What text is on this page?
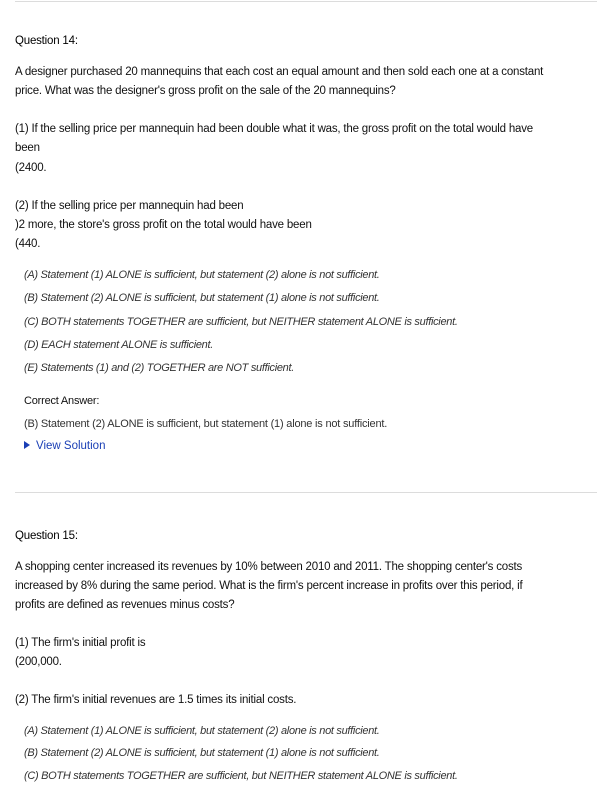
Question 14:
A designer purchased 20 mannequins that each cost an equal amount and then sold each one at a constant
price. What was the designer's gross profit on the sale of the 20 mannequins?
(1) If the selling price per mannequin had been double what it was, the gross profit on the total would have
been
(2400.
(2) If the selling price per mannequin had been
)2 more, the store's gross profit on the total would have been
(440.
(A) Statement (1) ALONE is sufficient, but statement (2) alone is not sufficient.
(B) Statement (2) ALONE is sufficient, but statement (1) alone is not sufficient.
(C) BOTH statements TOGETHER are sufficient, but NEITHER statement ALONE is sufficient.
(D) EACH statement ALONE is sufficient.
(E) Statements (1) and (2) TOGETHER are NOT sufficient.
Correct Answer:
(B) Statement (2) ALONE is sufficient, but statement (1) alone is not sufficient.
View Solution
Question 15:
A shopping center increased its revenues by 10% between 2010 and 2011. The shopping center's costs
increased by 8% during the same period. What is the firm's percent increase in profits over this period, if
profits are defined as revenues minus costs?
(1) The firm's initial profit is
(200,000.
(2) The firm's initial revenues are 1.5 times its initial costs.
(A) Statement (1) ALONE is sufficient, but statement (2) alone is not sufficient.
(B) Statement (2) ALONE is sufficient, but statement (1) alone is not sufficient.
(C) BOTH statements TOGETHER are sufficient, but NEITHER statement ALONE is sufficient.
